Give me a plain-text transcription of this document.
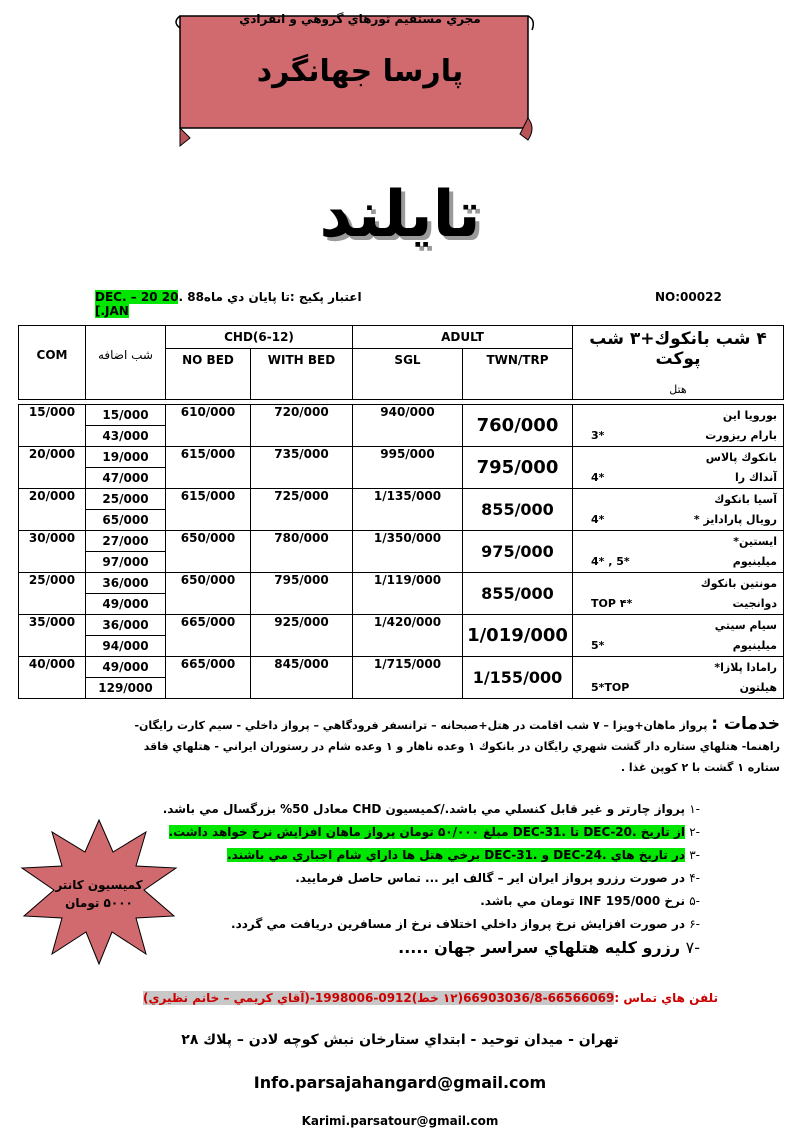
مجري مستقيم تورهاي گروهي و انفرادي
پارسا جهانگرد
تايلند
NO:00022
اعتبار پكيج :تا پايان دي ماه88 .20 DEC. – 20 JAN.]
COM	شب اضافه	CHD(6-12)		ADULT		۴ شب بانكوك+۳ شب پوكت
هتل

		NO BED	WITH BED	SGL	TWN/TRP	

15/000	15/000	610/000	720/000	940/000	760/000	بورويا اين
	43/000					3* بارام ريزورت

20/000	19/000	615/000	735/000	995/000	795/000	بانكوك پالاس
	47/000					4* آنداك را

20/000	25/000	615/000	725/000	1/135/000	855/000	آسيا بانكوك
	65/000					4* رويال پارادايز *

30/000	27/000	650/000	780/000	1/350/000	975/000	ايستين*
	97/000					4* , 5* ميلينيوم

25/000	36/000	650/000	795/000	1/119/000	855/000	مونتين بانكوك
	49/000					TOP ۴* دوانجيت

35/000	36/000	665/000	925/000	1/420/000	1/019/000	سيام سيتي
	94/000					5* ميلينيوم

40/000	49/000	665/000	845/000	1/715/000	1/155/000	رامادا پلازا*
	129/000					5*TOP هيلتون
خدمات : پرواز ماهان+ويزا – ۷ شب اقامت در هتل+صبحانه – ترانسفر فرودگاهي – پرواز داخلي - سيم كارت رايگان-
راهنما- هتلهاي ستاره دار گشت شهري رايگان در بانكوك ۱ وعده ناهار و ۱ وعده شام در رستوران ايراني - هتلهاي فاقد
ستاره ۱ گشت با ۲ كوپن غذا .
كميسيون كانتر
۵۰۰۰ تومان
-۱ پرواز چارتر و غير قابل كنسلي مي باشد./كميسيون CHD معادل 50% بزرگسال مي باشد.
-۲ از تاريخ .20-DEC تا .31-DEC مبلغ ۵۰/۰۰۰ تومان پرواز ماهان افزايش نرخ خواهد داشت.
-۳ در تاريخ هاي .24-DEC و .31-DEC برخي هتل ها داراي شام اجباري مي باشند.
-۴ در صورت رزرو پرواز ايران اير – گالف اير ... تماس حاصل فرماييد.
-۵ نرخ INF 195/000 تومان مي باشد.
-۶ در صورت افزايش نرخ پرواز داخلي اختلاف نرخ از مسافرين دريافت مي گردد.
-۷ رزرو كليه هتلهاي سراسر جهان .....
تلفن هاي تماس :66566069-66903036/8(۱۲ خط)0912-1998006-(آقاي كريمي – خانم نظيري)
تهران - ميدان توحيد - ابتداي ستارخان نبش كوچه لادن – پلاك ۲۸
Info.parsajahangard@gmail.com
Karimi.parsatour@gmail.com
